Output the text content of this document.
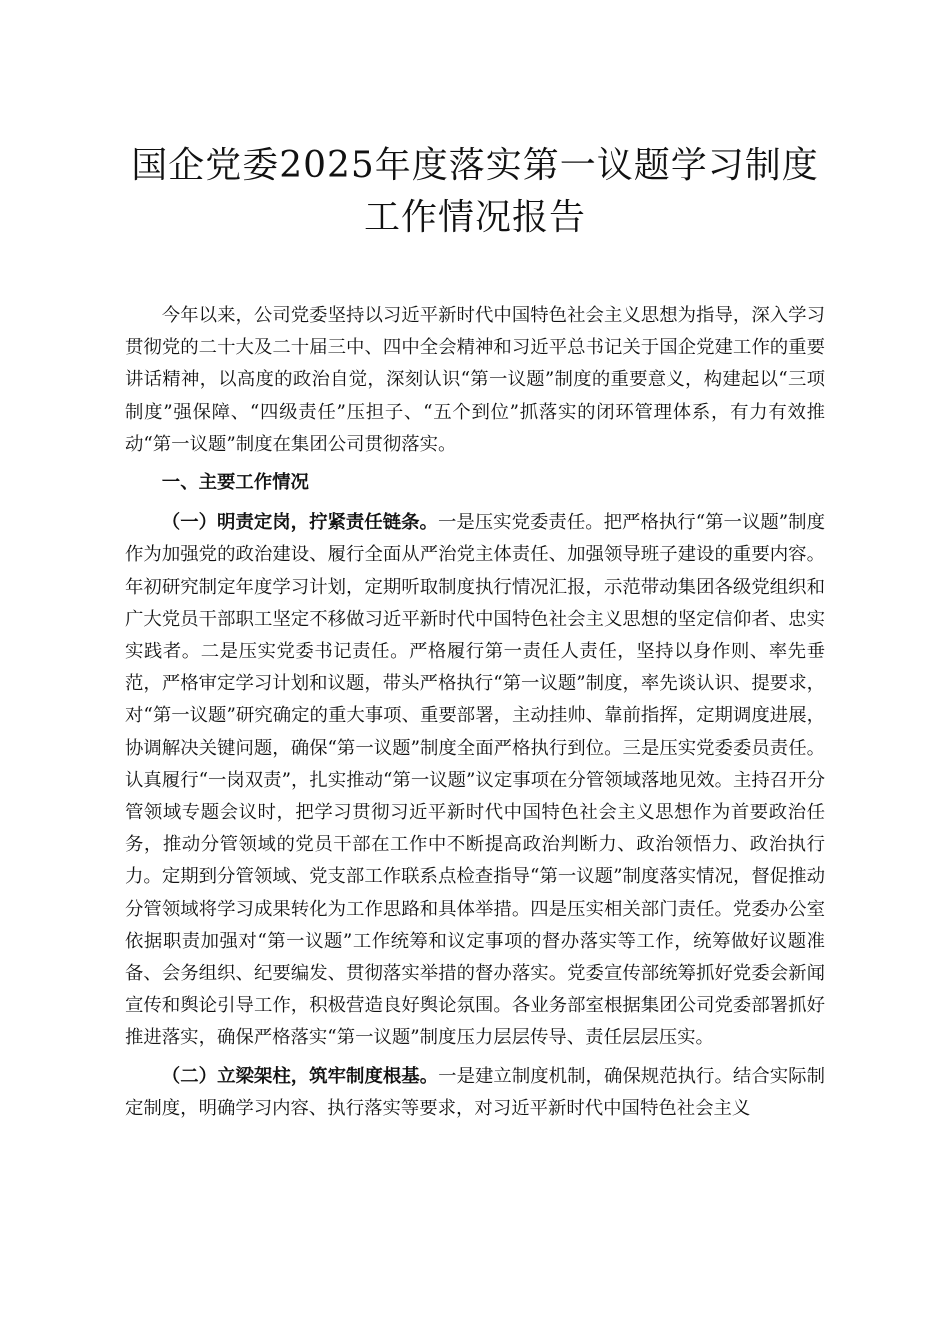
国企党委2025年度落实第一议题学习制度工作情况报告

今年以来，公司党委坚持以习近平新时代中国特色社会主义思想为指导，深入学习贯彻党的二十大及二十届三中、四中全会精神和习近平总书记关于国企党建工作的重要讲话精神，以高度的政治自觉，深刻认识“第一议题”制度的重要意义，构建起以“三项制度”强保障、“四级责任”压担子、“五个到位”抓落实的闭环管理体系，有力有效推动“第一议题”制度在集团公司贯彻落实。

一、主要工作情况

（一）明责定岗，拧紧责任链条。一是压实党委责任。把严格执行“第一议题”制度作为加强党的政治建设、履行全面从严治党主体责任、加强领导班子建设的重要内容。年初研究制定年度学习计划，定期听取制度执行情况汇报，示范带动集团各级党组织和广大党员干部职工坚定不移做习近平新时代中国特色社会主义思想的坚定信仰者、忠实实践者。二是压实党委书记责任。严格履行第一责任人责任，坚持以身作则、率先垂范，严格审定学习计划和议题，带头严格执行“第一议题”制度，率先谈认识、提要求，对“第一议题”研究确定的重大事项、重要部署，主动挂帅、靠前指挥，定期调度进展，协调解决关键问题，确保“第一议题”制度全面严格执行到位。三是压实党委委员责任。认真履行“一岗双责”，扎实推动“第一议题”议定事项在分管领域落地见效。主持召开分管领域专题会议时，把学习贯彻习近平新时代中国特色社会主义思想作为首要政治任务，推动分管领域的党员干部在工作中不断提高政治判断力、政治领悟力、政治执行力。定期到分管领域、党支部工作联系点检查指导“第一议题”制度落实情况，督促推动分管领域将学习成果转化为工作思路和具体举措。四是压实相关部门责任。党委办公室依据职责加强对“第一议题”工作统筹和议定事项的督办落实等工作，统筹做好议题准备、会务组织、纪要编发、贯彻落实举措的督办落实。党委宣传部统筹抓好党委会新闻宣传和舆论引导工作，积极营造良好舆论氛围。各业务部室根据集团公司党委部署抓好推进落实，确保严格落实“第一议题”制度压力层层传导、责任层层压实。

（二）立梁架柱，筑牢制度根基。一是建立制度机制，确保规范执行。结合实际制定制度，明确学习内容、执行落实等要求，对习近平新时代中国特色社会主义
